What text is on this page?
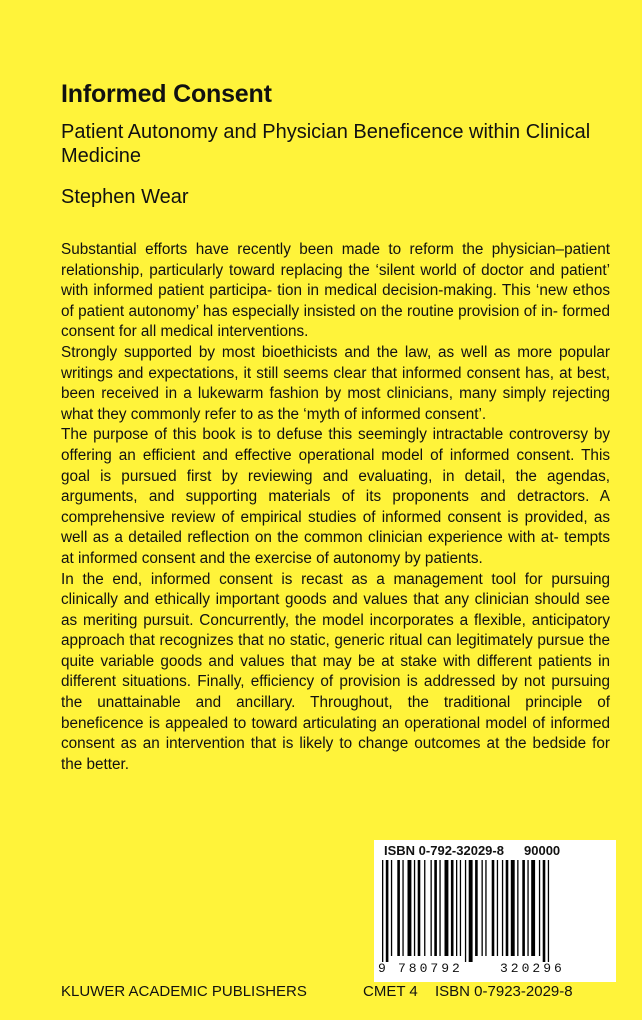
Informed Consent
Patient Autonomy and Physician Beneficence within Clinical Medicine
Stephen Wear

Substantial efforts have recently been made to reform the physician–patient relationship, particularly toward replacing the ‘silent world of doctor and patient’ with informed patient participa- tion in medical decision-making. This ‘new ethos of patient autonomy’ has especially insisted on the routine provision of in- formed consent for all medical interventions.

Strongly supported by most bioethicists and the law, as well as more popular writings and expectations, it still seems clear that informed consent has, at best, been received in a lukewarm fashion by most clinicians, many simply rejecting what they commonly refer to as the ‘myth of informed consent’.

The purpose of this book is to defuse this seemingly intractable controversy by offering an efficient and effective operational model of informed consent. This goal is pursued first by reviewing and evaluating, in detail, the agendas, arguments, and supporting materials of its proponents and detractors. A comprehensive review of empirical studies of informed consent is provided, as well as a detailed reflection on the common clinician experience with at- tempts at informed consent and the exercise of autonomy by patients.

In the end, informed consent is recast as a management tool for pursuing clinically and ethically important goods and values that any clinician should see as meriting pursuit. Concurrently, the model incorporates a flexible, anticipatory approach that recognizes that no static, generic ritual can legitimately pursue the quite variable goods and values that may be at stake with different patients in different situations. Finally, efficiency of provision is addressed by not pursuing the unattainable and ancillary. Throughout, the traditional principle of beneficence is appealed to toward articulating an operational model of informed consent as an intervention that is likely to change outcomes at the bedside for the better.

ISBN 0-792-32029-8 90000
9 780792	320296
KLUWER ACADEMIC PUBLISHERS	CMET 4 ISBN 0-7923-2029-8
